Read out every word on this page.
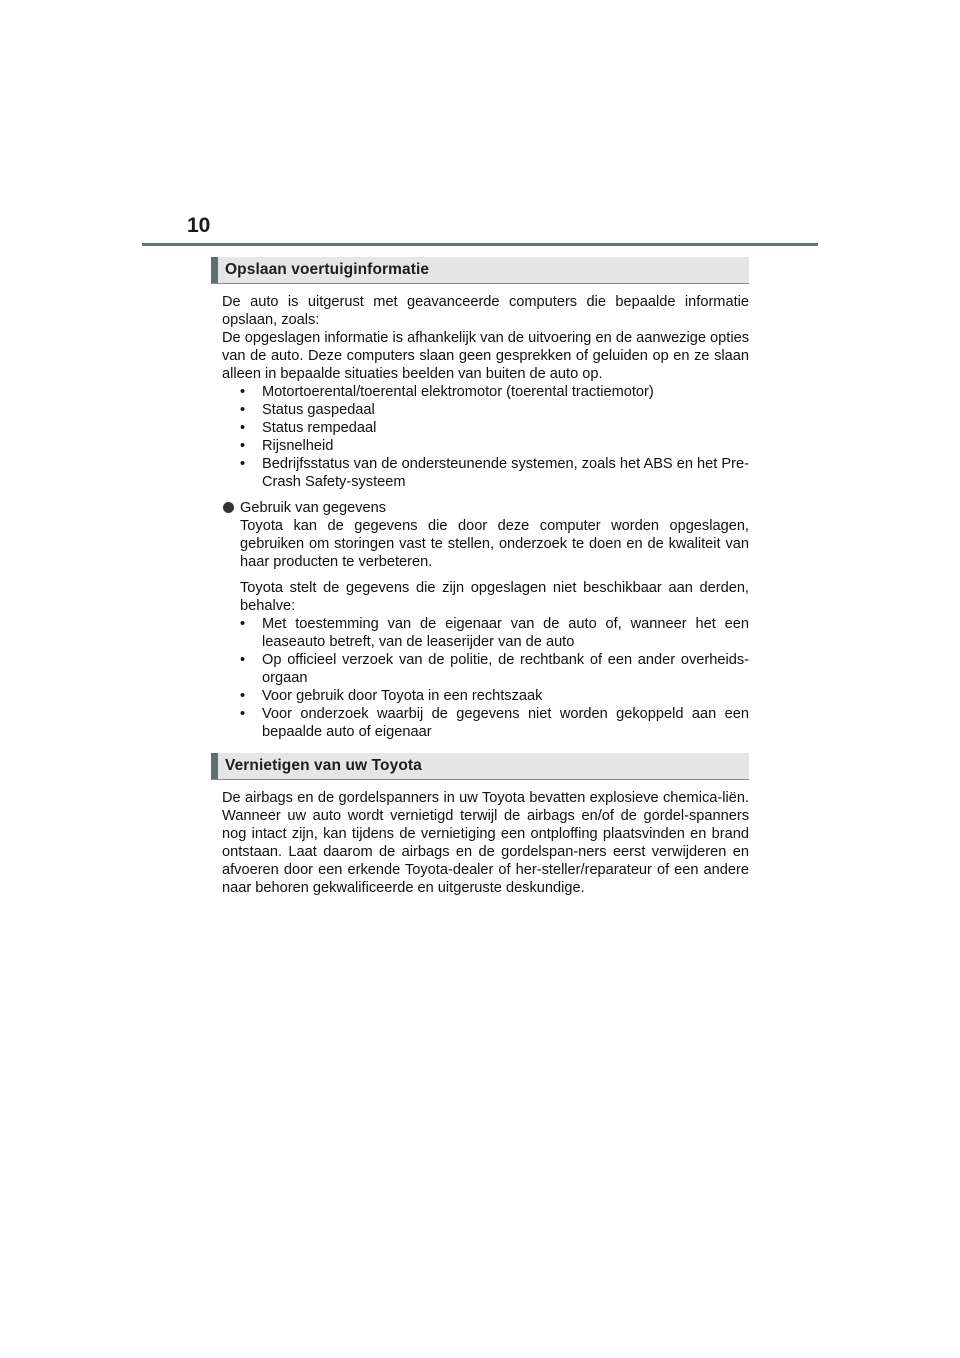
10
Opslaan voertuiginformatie

De auto is uitgerust met geavanceerde computers die bepaalde informatie opslaan, zoals:

De opgeslagen informatie is afhankelijk van de uitvoering en de aanwezige opties van de auto. Deze computers slaan geen gesprekken of geluiden op en ze slaan alleen in bepaalde situaties beelden van buiten de auto op.

• Motortoerental/toerental elektromotor (toerental tractiemotor)
• Status gaspedaal
• Status rempedaal
• Rijsnelheid
• Bedrijfsstatus van de ondersteunende systemen, zoals het ABS en het Pre-Crash Safety-systeem
Gebruik van gegevens

Toyota kan de gegevens die door deze computer worden opgeslagen, gebruiken om storingen vast te stellen, onderzoek te doen en de kwaliteit van haar producten te verbeteren.

Toyota stelt de gegevens die zijn opgeslagen niet beschikbaar aan derden, behalve:

• Met toestemming van de eigenaar van de auto of, wanneer het een leaseauto betreft, van de leaserijder van de auto
• Op officieel verzoek van de politie, de rechtbank of een ander overheids-orgaan
• Voor gebruik door Toyota in een rechtszaak
• Voor onderzoek waarbij de gegevens niet worden gekoppeld aan een bepaalde auto of eigenaar
Vernietigen van uw Toyota

De airbags en de gordelspanners in uw Toyota bevatten explosieve chemica-liën. Wanneer uw auto wordt vernietigd terwijl de airbags en/of de gordel-spanners nog intact zijn, kan tijdens de vernietiging een ontploffing plaatsvinden en brand ontstaan. Laat daarom de airbags en de gordelspan-ners eerst verwijderen en afvoeren door een erkende Toyota-dealer of her-steller/reparateur of een andere naar behoren gekwalificeerde en uitgeruste deskundige.
